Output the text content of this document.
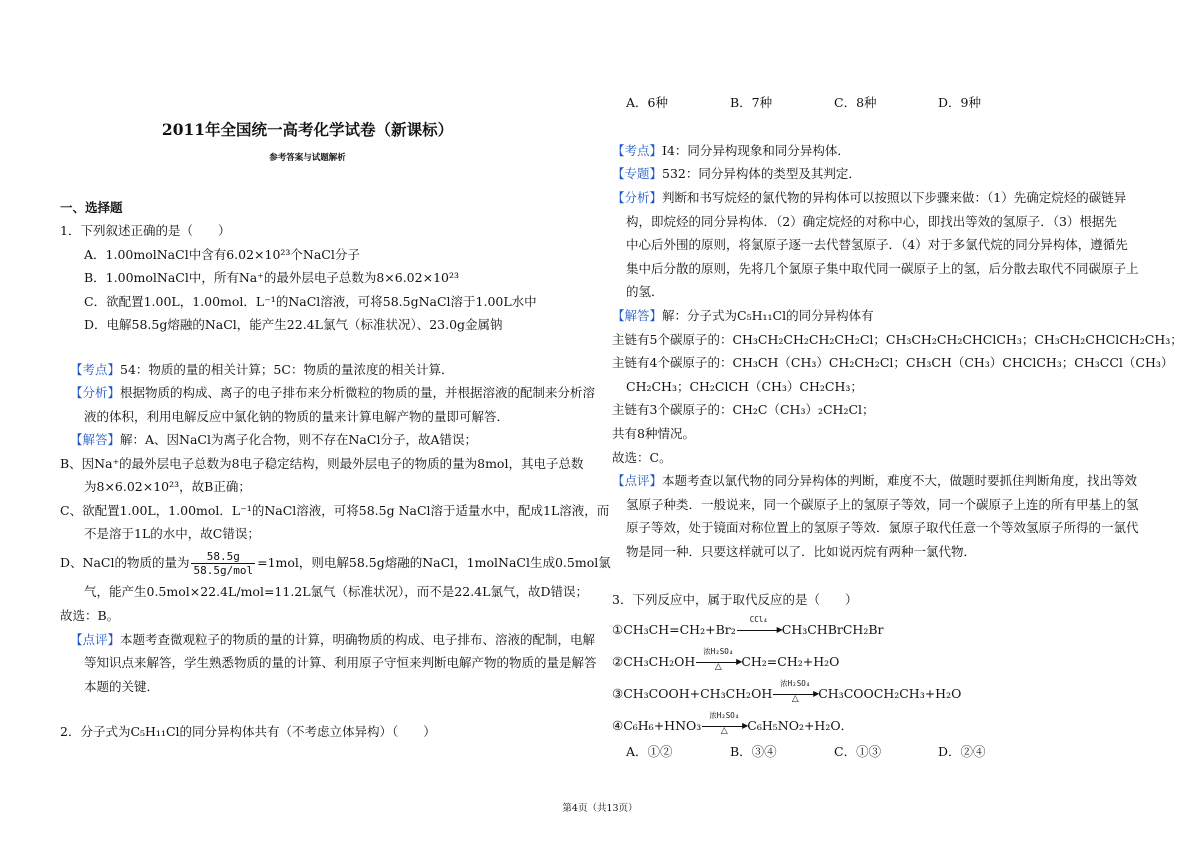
2011年全国统一高考化学试卷（新课标）
参考答案与试题解析
一、选择题
1．下列叙述正确的是（　　）
A．1.00molNaCl中含有6.02×10²³个NaCl分子
B．1.00molNaCl中，所有Na⁺的最外层电子总数为8×6.02×10²³
C．欲配置1.00L，1.00mol．L⁻¹的NaCl溶液，可将58.5gNaCl溶于1.00L水中
D．电解58.5g熔融的NaCl，能产生22.4L氯气（标准状况）、23.0g金属钠
【考点】54：物质的量的相关计算；5C：物质的量浓度的相关计算．
【分析】根据物质的构成、离子的电子排布来分析微粒的物质的量，并根据溶液的配制来分析溶
液的体积，利用电解反应中氯化钠的物质的量来计算电解产物的量即可解答．
【解答】解：A、因NaCl为离子化合物，则不存在NaCl分子，故A错误；
B、因Na⁺的最外层电子总数为8电子稳定结构，则最外层电子的物质的量为8mol，其电子总数
为8×6.02×10²³，故B正确；
C、欲配置1.00L，1.00mol．L⁻¹的NaCl溶液，可将58.5g NaCl溶于适量水中，配成1L溶液，而
不是溶于1L的水中，故C错误；
D、NaCl的物质的量为 $\frac{58.5g}{\text{58.5g/mol}} =1mol$，则电解58.5g熔融的NaCl，1molNaCl生成0.5mol氯
气，能产生0.5mol×22.4L/mol=11.2L氯气（标准状况），而不是22.4L氯气，故D错误；
故选：B。
【点评】本题考查微观粒子的物质的量的计算，明确物质的构成、电子排布、溶液的配制，电解
等知识点来解答，学生熟悉物质的量的计算、利用原子守恒来判断电解产物的物质的量是解答
本题的关键．
2．分子式为C₅H₁₁Cl的同分异构体共有（不考虑立体异构）（　　）
A．6种	B．7种	C．8种	D．9种
【考点】I4：同分异构现象和同分异构体．
【专题】532：同分异构体的类型及其判定．
【分析】判断和书写烷烃的氯代物的异构体可以按照以下步骤来做：（1）先确定烷烃的碳链异
构，即烷烃的同分异构体．（2）确定烷烃的对称中心，即找出等效的氢原子．（3）根据先
中心后外围的原则，将氯原子逐一去代替氢原子．（4）对于多氯代烷的同分异构体，遵循先
集中后分散的原则，先将几个氯原子集中取代同一碳原子上的氢，后分散去取代不同碳原子上
的氢．
【解答】解：分子式为C₅H₁₁Cl的同分异构体有
主链有5个碳原子的：CH₃CH₂CH₂CH₂CH₂Cl；CH₃CH₂CH₂CHClCH₃；CH₃CH₂CHClCH₂CH₃；
主链有4个碳原子的：CH₃CH（CH₃）CH₂CH₂Cl；CH₃CH（CH₃）CHClCH₃；CH₃CCl（CH₃）
CH₂CH₃；CH₂ClCH（CH₃）CH₂CH₃；
主链有3个碳原子的：CH₂C（CH₃）₂CH₂Cl；
共有8种情况。
故选：C。
【点评】本题考查以氯代物的同分异构体的判断，难度不大，做题时要抓住判断角度，找出等效
氢原子种类．一般说来，同一个碳原子上的氢原子等效，同一个碳原子上连的所有甲基上的氢
原子等效，处于镜面对称位置上的氢原子等效．氯原子取代任意一个等效氢原子所得的一氯代
物是同一种．只要这样就可以了．比如说丙烷有两种一氯代物．
3．下列反应中，属于取代反应的是（　　）
①CH₃CH=CH₂+Br₂
CCl₄
▶ CH₃CHBrCH₂Br
②CH₃CH₂OH
浓H₂SO₄
▶
△	CH₂=CH₂+H₂O
③CH₃COOH+CH₃CH₂OH
浓H₂SO₄
▶
△	CH₃COOCH₂CH₃+H₂O
④C₆H₆+HNO₃
浓H₂SO₄
▶
△	C₆H₅NO₂+H₂O．
A．①②	B．③④	C．①③	D．②④
第4页（共13页）
